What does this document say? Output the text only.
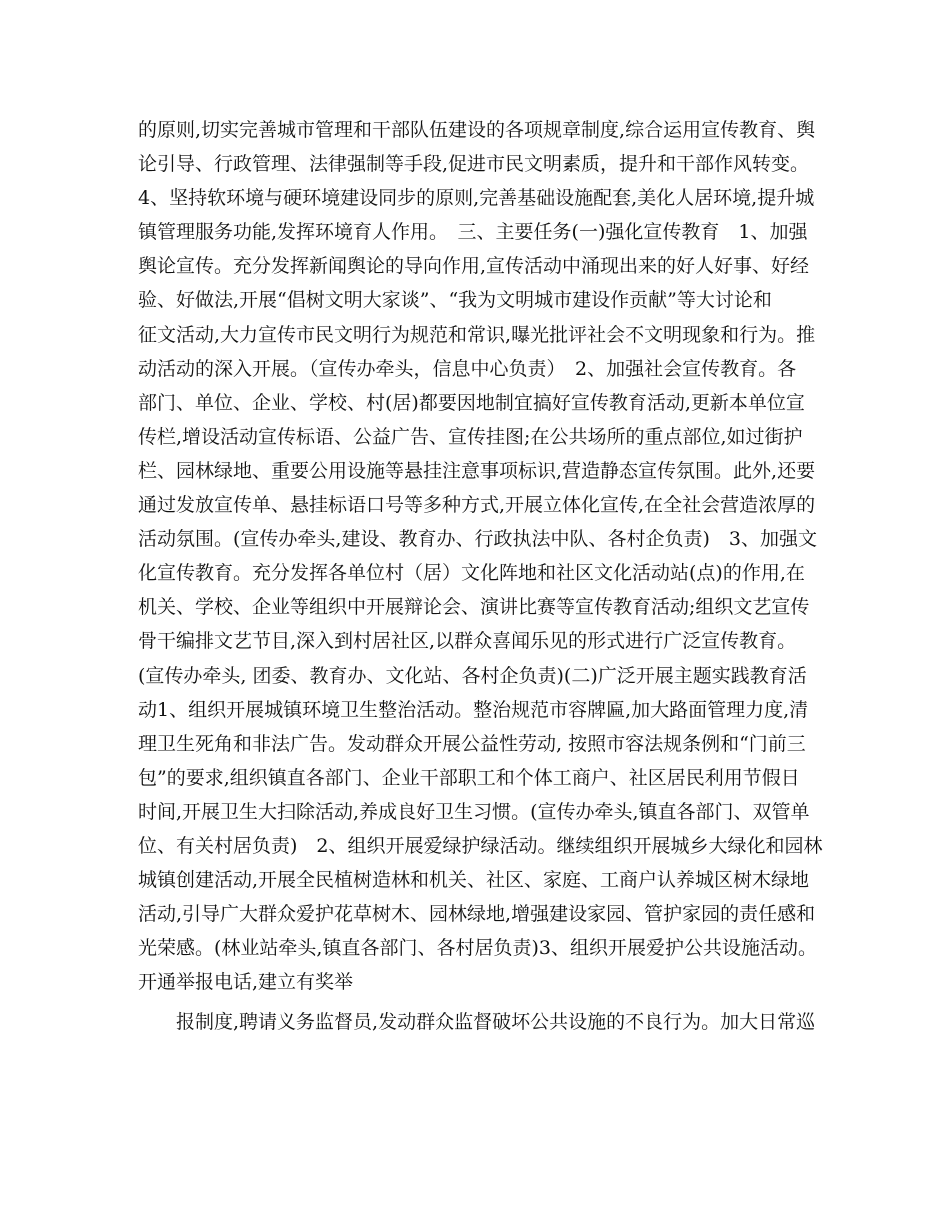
的原则,切实完善城市管理和干部队伍建设的各项规章制度,综合运用宣传教育、舆
论引导、行政管理、法律强制等手段,促进市民文明素质，提升和干部作风转变。
4、坚持软环境与硬环境建设同步的原则,完善基础设施配套,美化人居环境,提升城
镇管理服务功能,发挥环境育人作用。　三、主要任务(一)强化宣传教育　1、加强
舆论宣传。充分发挥新闻舆论的导向作用,宣传活动中涌现出来的好人好事、好经
验、好做法,开展“倡树文明大家谈”、“我为文明城市建设作贡献”等大讨论和
征文活动,大力宣传市民文明行为规范和常识,曝光批评社会不文明现象和行为。推
动活动的深入开展。（宣传办牵头，信息中心负责）　2、加强社会宣传教育。各
部门、单位、企业、学校、村(居)都要因地制宜搞好宣传教育活动,更新本单位宣
传栏,增设活动宣传标语、公益广告、宣传挂图;在公共场所的重点部位,如过街护
栏、园林绿地、重要公用设施等悬挂注意事项标识,营造静态宣传氛围。此外,还要
通过发放宣传单、悬挂标语口号等多种方式,开展立体化宣传,在全社会营造浓厚的
活动氛围。(宣传办牵头,建设、教育办、行政执法中队、各村企负责)　3、加强文
化宣传教育。充分发挥各单位村（居）文化阵地和社区文化活动站(点)的作用,在
机关、学校、企业等组织中开展辩论会、演讲比赛等宣传教育活动;组织文艺宣传
骨干编排文艺节目,深入到村居社区,以群众喜闻乐见的形式进行广泛宣传教育。
(宣传办牵头, 团委、教育办、文化站、各村企负责)(二)广泛开展主题实践教育活
动1、组织开展城镇环境卫生整治活动。整治规范市容牌匾,加大路面管理力度,清
理卫生死角和非法广告。发动群众开展公益性劳动, 按照市容法规条例和“门前三
包”的要求,组织镇直各部门、企业干部职工和个体工商户、社区居民利用节假日
时间,开展卫生大扫除活动,养成良好卫生习惯。(宣传办牵头,镇直各部门、双管单
位、有关村居负责)　2、组织开展爱绿护绿活动。继续组织开展城乡大绿化和园林
城镇创建活动,开展全民植树造林和机关、社区、家庭、工商户认养城区树木绿地
活动,引导广大群众爱护花草树木、园林绿地,增强建设家园、管护家园的责任感和
光荣感。(林业站牵头,镇直各部门、各村居负责)3、组织开展爱护公共设施活动。
开通举报电话,建立有奖举
　　报制度,聘请义务监督员,发动群众监督破坏公共设施的不良行为。加大日常巡
